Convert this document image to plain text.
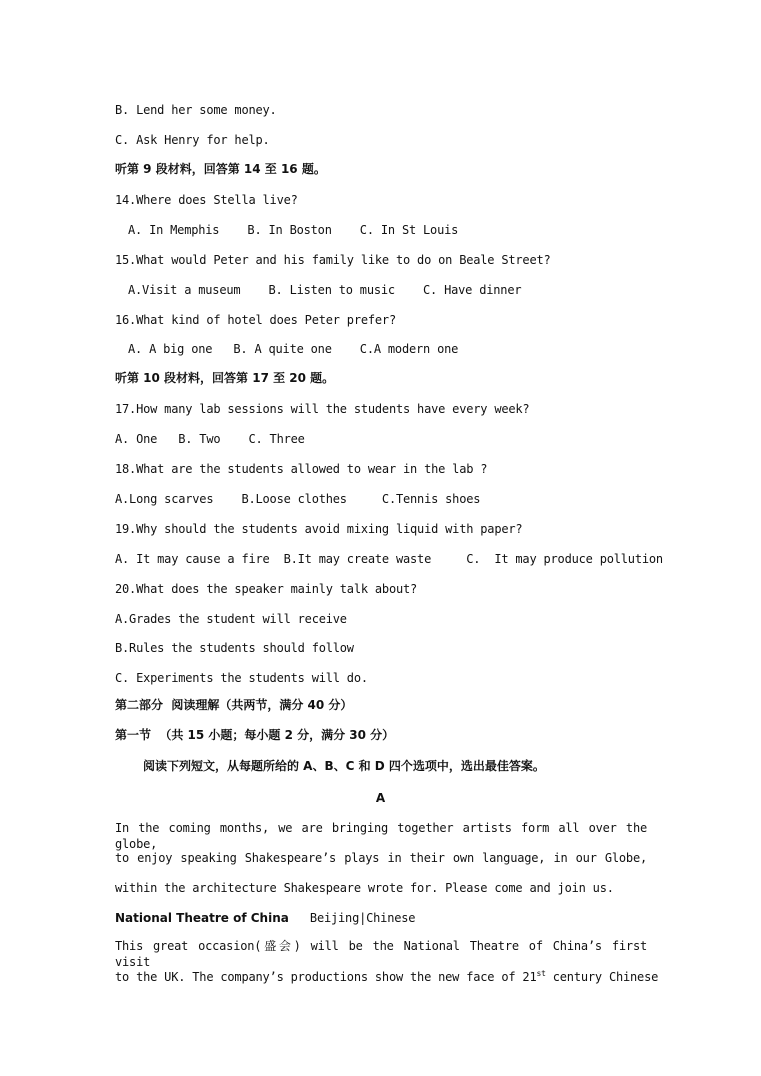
B. Lend her some money.
C. Ask Henry for help.
听第 9 段材料，回答第 14 至 16 题。
14.Where does Stella live?
A. In Memphis    B. In Boston    C. In St Louis
15.What would Peter and his family like to do on Beale Street?
A.Visit a museum    B. Listen to music    C. Have dinner
16.What kind of hotel does Peter prefer?
A. A big one   B. A quite one    C.A modern one
听第 10 段材料，回答第 17 至 20 题。
17.How many lab sessions will the students have every week?
A. One   B. Two    C. Three
18.What are the students allowed to wear in the lab ?
A.Long scarves    B.Loose clothes     C.Tennis shoes
19.Why should the students avoid mixing liquid with paper?
A. It may cause a fire  B.It may create waste     C.  It may produce pollution
20.What does the speaker mainly talk about?
A.Grades the student will receive
B.Rules the students should follow
C. Experiments the students will do.
第二部分  阅读理解（共两节，满分 40 分）
第一节  （共 15 小题；每小题 2 分，满分 30 分）
阅读下列短文，从每题所给的 A、B、C 和 D 四个选项中，选出最佳答案。
A
In the coming months, we are bringing together artists form all over the globe,
to enjoy speaking Shakespeare’s plays in their own language, in our Globe,
within the architecture Shakespeare wrote for. Please come and join us.
National Theatre of China   Beijing|Chinese
This great occasion(盛会) will be the National Theatre of China’s first visit
to the UK. The company’s productions show the new face of 21st century Chinese
